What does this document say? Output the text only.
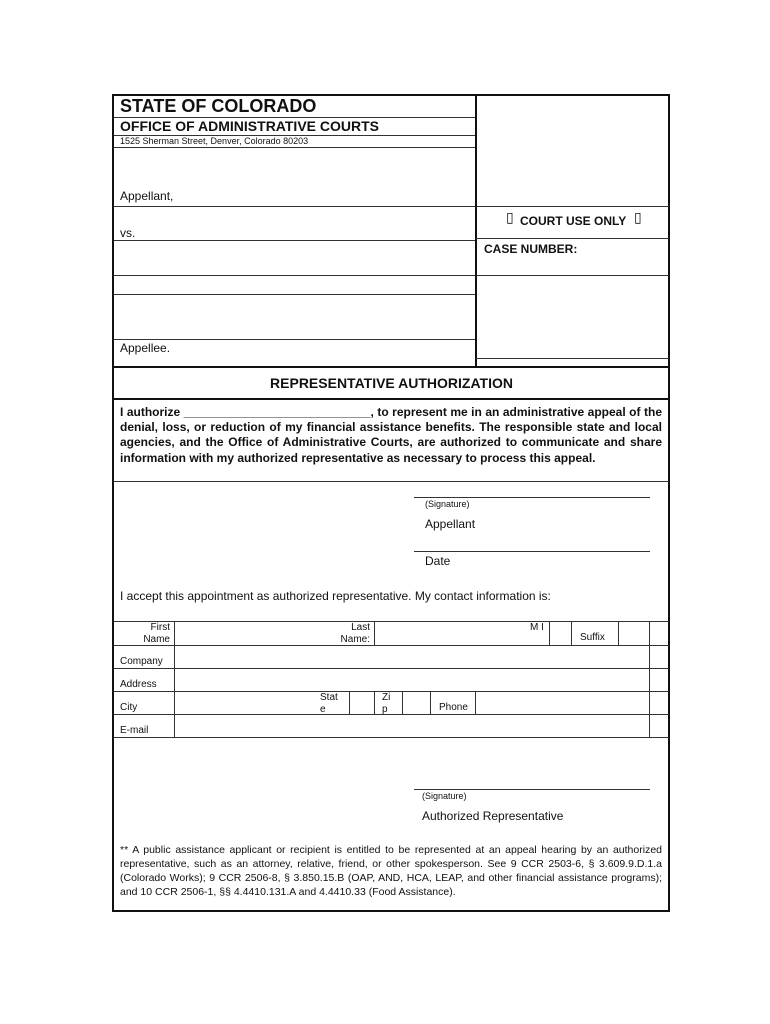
STATE OF COLORADO
OFFICE OF ADMINISTRATIVE COURTS
1525 Sherman Street, Denver, Colorado 80203
Appellant,
vs.
Appellee.
▯ COURT USE ONLY ▯
CASE NUMBER:
REPRESENTATIVE AUTHORIZATION
I authorize ____________________________, to represent me in an administrative appeal of the denial, loss, or reduction of my financial assistance benefits. The responsible state and local agencies, and the Office of Administrative Courts, are authorized to communicate and share information with my authorized representative as necessary to process this appeal.
(Signature)
Appellant
Date
I accept this appointment as authorized representative. My contact information is:
First Name
Last Name:
M I
Suffix
Company
Address
City
State
Zip	Phone
E-mail
(Signature)
Authorized Representative
** A public assistance applicant or recipient is entitled to be represented at an appeal hearing by an authorized representative, such as an attorney, relative, friend, or other spokesperson. See 9 CCR 2503-6, § 3.609.9.D.1.a (Colorado Works); 9 CCR 2506-8, § 3.850.15.B (OAP, AND, HCA, LEAP, and other financial assistance programs); and 10 CCR 2506-1, §§ 4.4410.131.A and 4.4410.33 (Food Assistance).
